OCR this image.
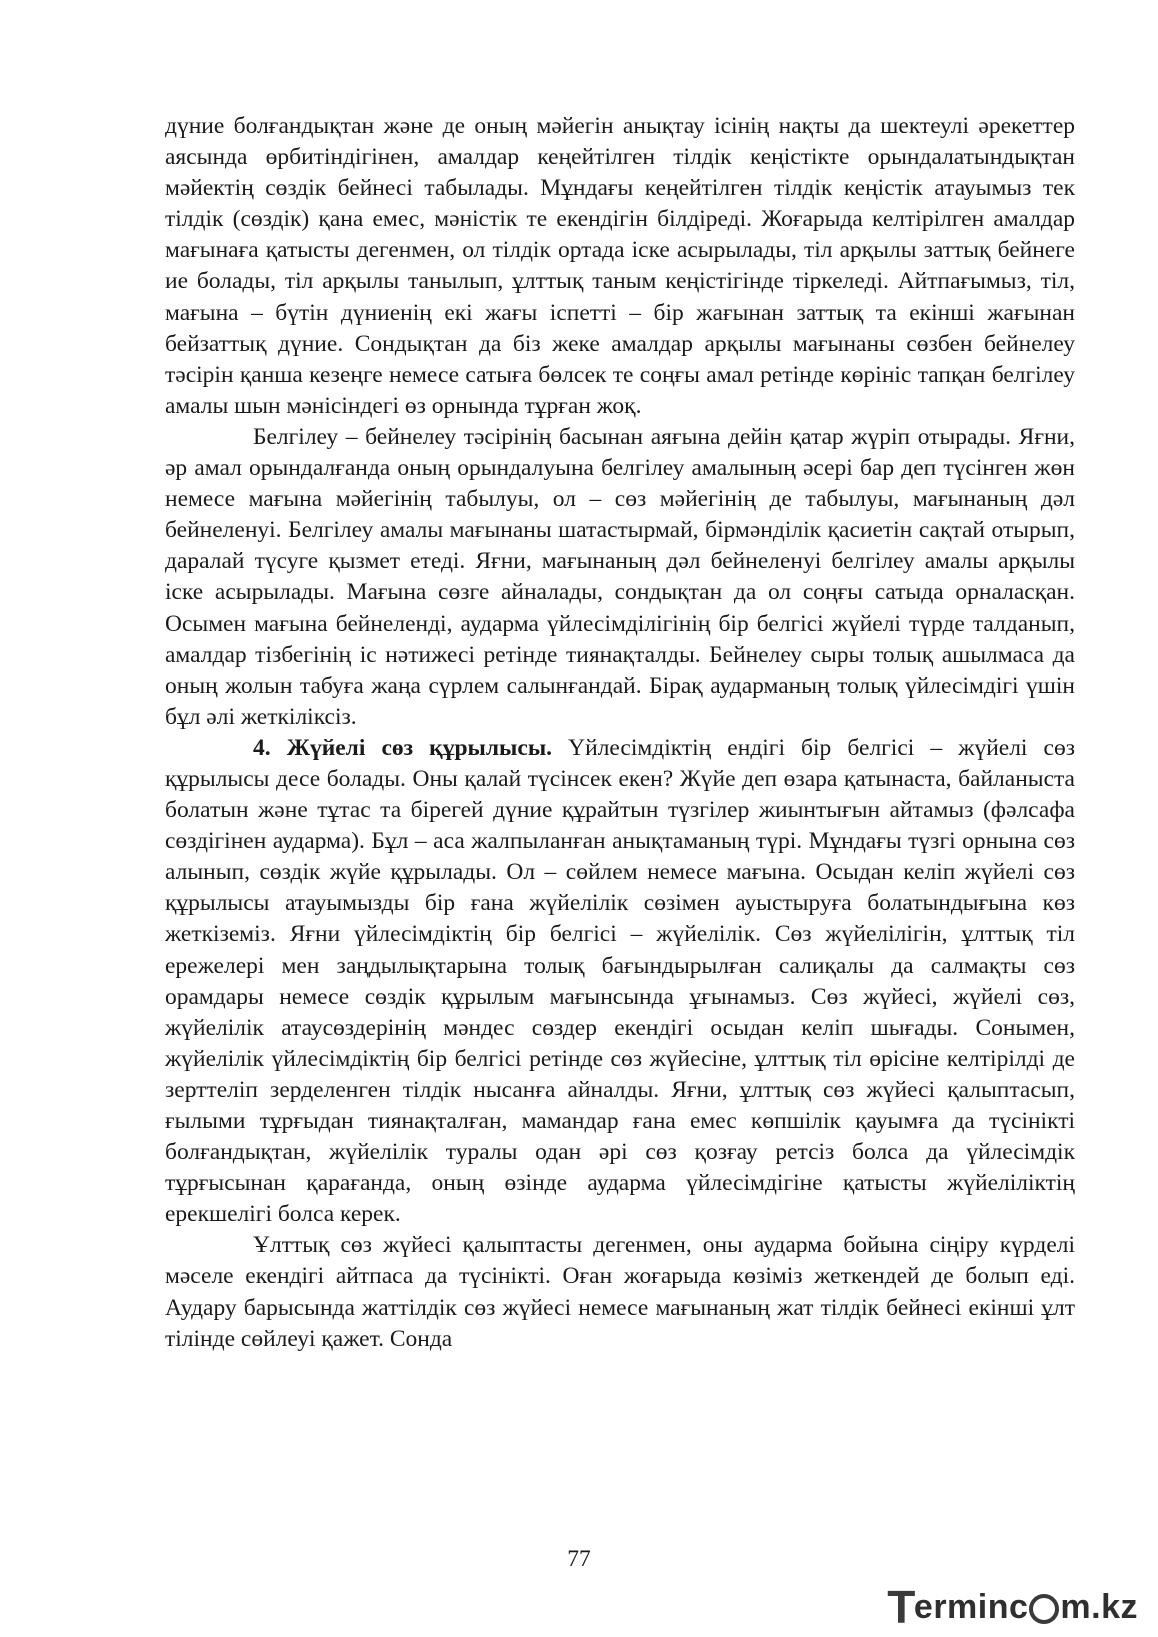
дүние болғандықтан және де оның мәйегін анықтау ісінің нақты да шектеулі әрекеттер аясында өрбитіндігінен, амалдар кеңейтілген тілдік кеңістікте орындалатындықтан мәйектің сөздік бейнесі табылады. Мұндағы кеңейтілген тілдік кеңістік атауымыз тек тілдік (сөздік) қана емес, мәністік те екендігін білдіреді. Жоғарыда келтірілген амалдар мағынаға қатысты дегенмен, ол тілдік ортада іске асырылады, тіл арқылы заттық бейнеге ие болады, тіл арқылы танылып, ұлттық таным кеңістігінде тіркеледі. Айтпағымыз, тіл, мағына – бүтін дүниенің екі жағы іспетті – бір жағынан заттық та екінші жағынан бейзаттық дүние. Сондықтан да біз жеке амалдар арқылы мағынаны сөзбен бейнелеу тәсірін қанша кезеңге немесе сатыға бөлсек те соңғы амал ретінде көрініс тапқан белгілеу амалы шын мәнісіндегі өз орнында тұрған жоқ.

Белгілеу – бейнелеу тәсірінің басынан аяғына дейін қатар жүріп отырады. Яғни, әр амал орындалғанда оның орындалуына белгілеу амалының әсері бар деп түсінген жөн немесе мағына мәйегінің табылуы, ол – сөз мәйегінің де табылуы, мағынаның дәл бейнеленуі. Белгілеу амалы мағынаны шатастырмай, бірмәнділік қасиетін сақтай отырып, даралай түсуге қызмет етеді. Яғни, мағынаның дәл бейнеленуі белгілеу амалы арқылы іске асырылады. Мағына сөзге айналады, сондықтан да ол соңғы сатыда орналасқан. Осымен мағына бейнеленді, аударма үйлесімділігінің бір белгісі жүйелі түрде талданып, амалдар тізбегінің іс нәтижесі ретінде тиянақталды. Бейнелеу сыры толық ашылмаса да оның жолын табуға жаңа сүрлем салынғандай. Бірақ аударманың толық үйлесімдігі үшін бұл әлі жеткіліксіз.

4. Жүйелі сөз құрылысы. Үйлесімдіктің ендігі бір белгісі – жүйелі сөз құрылысы десе болады. Оны қалай түсінсек екен? Жүйе деп өзара қатынаста, байланыста болатын және тұтас та бірегей дүние құрайтын түзгілер жиынтығын айтамыз (фәлсафа сөздігінен аударма). Бұл – аса жалпыланған анықтаманың түрі. Мұндағы түзгі орнына сөз алынып, сөздік жүйе құрылады. Ол – сөйлем немесе мағына. Осыдан келіп жүйелі сөз құрылысы атауымызды бір ғана жүйелілік сөзімен ауыстыруға болатындығына көз жеткіземіз. Яғни үйлесімдіктің бір белгісі – жүйелілік. Сөз жүйелілігін, ұлттық тіл ережелері мен заңдылықтарына толық бағындырылған салиқалы да салмақты сөз орамдары немесе сөздік құрылым мағынсында ұғынамыз. Сөз жүйесі, жүйелі сөз, жүйелілік атаусөздерінің мәндес сөздер екендігі осыдан келіп шығады. Сонымен, жүйелілік үйлесімдіктің бір белгісі ретінде сөз жүйесіне, ұлттық тіл өрісіне келтірілді де зерттеліп зерделенген тілдік нысанға айналды. Яғни, ұлттық сөз жүйесі қалыптасып, ғылыми тұрғыдан тиянақталған, мамандар ғана емес көпшілік қауымға да түсінікті болғандықтан, жүйелілік туралы одан әрі сөз қозғау ретсіз болса да үйлесімдік тұрғысынан қарағанда, оның өзінде аударма үйлесімдігіне қатысты жүйеліліктің ерекшелігі болса керек.

Ұлттық сөз жүйесі қалыптасты дегенмен, оны аударма бойына сіңіру күрделі мәселе екендігі айтпаса да түсінікті. Оған жоғарыда көзіміз жеткендей де болып еді. Аудару барысында жаттілдік сөз жүйесі немесе мағынаның жат тілдік бейнесі екінші ұлт тілінде сөйлеуі қажет. Сонда

77
T
erminc m.kz
